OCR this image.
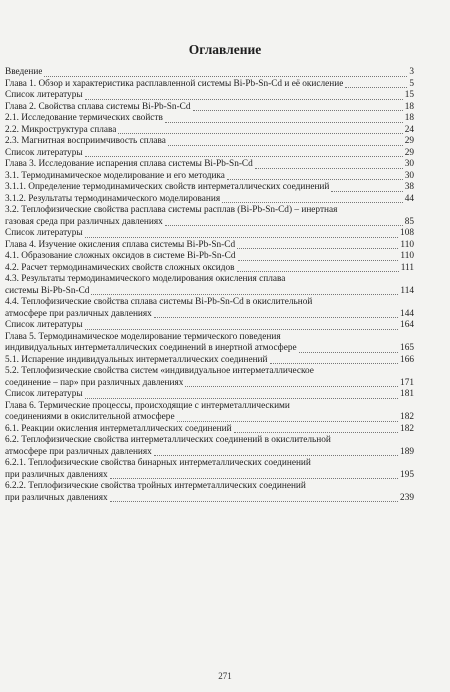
Оглавление
Введение	3
Глава 1. Обзор и характеристика расплавленной системы Bi-Pb-Sn-Cd и её окисление	5
Список литературы	15
Глава 2. Свойства сплава системы Bi-Pb-Sn-Cd	18
2.1. Исследование термических свойств	18
2.2. Микроструктура сплава	24
2.3. Магнитная восприимчивость сплава	29
Список литературы	29
Глава 3. Исследование испарения сплава системы Bi-Pb-Sn-Cd	30
3.1. Термодинамическое моделирование и его методика	30
3.1.1. Определение термодинамических свойств интерметаллических соединений	38
3.1.2. Результаты термодинамического моделирования	44
3.2. Теплофизические свойства расплава системы расплав (Bi-Pb-Sn-Cd) – инертная
газовая среда при различных давлениях	85
Список литературы	108
Глава 4. Изучение окисления сплава системы Bi-Pb-Sn-Cd	110
4.1. Образование сложных оксидов в системе Bi-Pb-Sn-Cd	110
4.2. Расчет термодинамических свойств сложных оксидов	111
4.3. Результаты термодинамического моделирования окисления сплава
системы Bi-Pb-Sn-Cd	114
4.4. Теплофизические свойства сплава системы Bi-Pb-Sn-Cd в окислительной
атмосфере при различных давлениях	144
Список литературы	164
Глава 5. Термодинамическое моделирование термического поведения
индивидуальных интерметаллических соединений в инертной атмосфере	165
5.1. Испарение индивидуальных интерметаллических соединений	166
5.2. Теплофизические свойства систем «индивидуальное интерметаллическое
соединение – пар» при различных давлениях	171
Список литературы	181
Глава 6. Термические процессы, происходящие с интерметаллическими
соединениями в окислительной атмосфере	182
6.1. Реакции окисления интерметаллических соединений	182
6.2. Теплофизические свойства интерметаллических соединений в окислительной
атмосфере при различных давлениях	189
6.2.1. Теплофизические свойства бинарных интерметаллических соединений
при различных давлениях	195
6.2.2. Теплофизические свойства тройных интерметаллических соединений
при различных давлениях	239
271
